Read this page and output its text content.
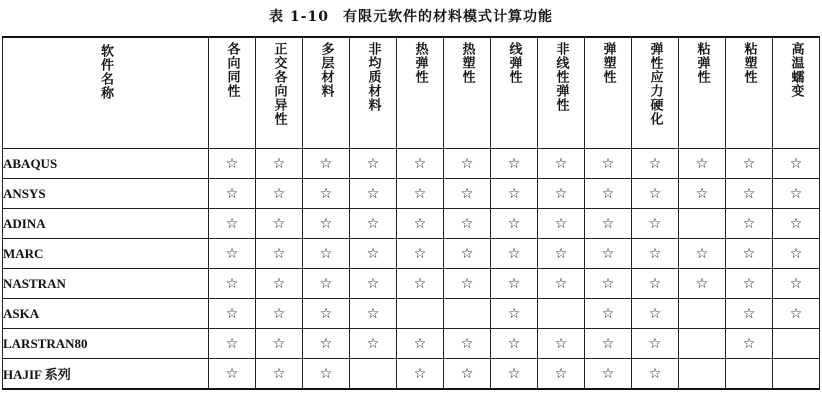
表 1-10 有限元软件的材料模式计算功能
软件名称	各向同性	正交各向异性	多层材料	非均质材料	热弹性	热塑性	线弹性	非线性弹性	弹塑性	弹性应力硬化	粘弹性	粘塑性	高温蠕变
ABAQUS	☆	☆	☆	☆	☆	☆	☆	☆	☆	☆	☆	☆	☆
ANSYS	☆	☆	☆	☆	☆	☆	☆	☆	☆	☆	☆	☆	☆
ADINA	☆	☆	☆	☆	☆	☆	☆	☆	☆	☆		☆	☆
MARC	☆	☆	☆	☆	☆	☆	☆	☆	☆	☆	☆	☆	☆
NASTRAN	☆	☆	☆	☆	☆	☆	☆	☆	☆	☆	☆	☆	☆
ASKA	☆	☆	☆	☆			☆		☆	☆		☆	☆
LARSTRAN80	☆	☆	☆	☆	☆	☆	☆	☆	☆	☆		☆	
HAJIF 系列	☆	☆	☆		☆	☆	☆	☆	☆	☆			
